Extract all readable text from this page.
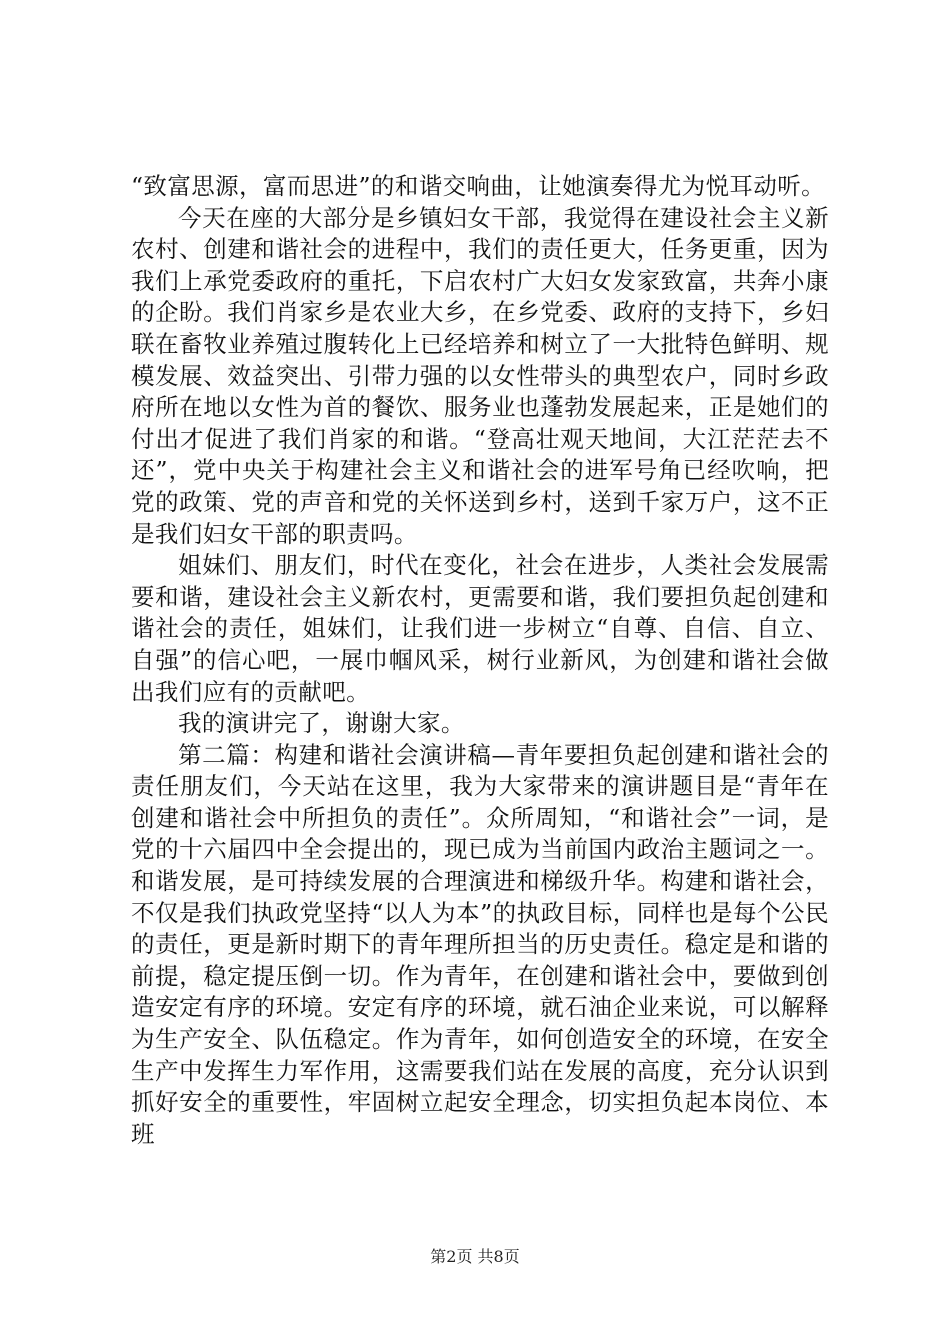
“致富思源，富而思进”的和谐交响曲，让她演奏得尤为悦耳动听。

今天在座的大部分是乡镇妇女干部，我觉得在建设社会主义新农村、创建和谐社会的进程中，我们的责任更大，任务更重，因为我们上承党委政府的重托，下启农村广大妇女发家致富，共奔小康的企盼。我们肖家乡是农业大乡，在乡党委、政府的支持下，乡妇联在畜牧业养殖过腹转化上已经培养和树立了一大批特色鲜明、规模发展、效益突出、引带力强的以女性带头的典型农户，同时乡政府所在地以女性为首的餐饮、服务业也蓬勃发展起来，正是她们的付出才促进了我们肖家的和谐。“登高壮观天地间，大江茫茫去不还”，党中央关于构建社会主义和谐社会的进军号角已经吹响，把党的政策、党的声音和党的关怀送到乡村，送到千家万户，这不正是我们妇女干部的职责吗。

姐妹们、朋友们，时代在变化，社会在进步，人类社会发展需要和谐，建设社会主义新农村，更需要和谐，我们要担负起创建和谐社会的责任，姐妹们，让我们进一步树立“自尊、自信、自立、自强”的信心吧，一展巾帼风采，树行业新风，为创建和谐社会做出我们应有的贡献吧。

我的演讲完了，谢谢大家。

第二篇：构建和谐社会演讲稿—青年要担负起创建和谐社会的责任朋友们，今天站在这里，我为大家带来的演讲题目是“青年在创建和谐社会中所担负的责任”。众所周知，“和谐社会”一词，是党的十六届四中全会提出的，现已成为当前国内政治主题词之一。和谐发展，是可持续发展的合理演进和梯级升华。构建和谐社会，不仅是我们执政党坚持“以人为本”的执政目标，同样也是每个公民的责任，更是新时期下的青年理所担当的历史责任。稳定是和谐的前提，稳定提压倒一切。作为青年，在创建和谐社会中，要做到创造安定有序的环境。安定有序的环境，就石油企业来说，可以解释为生产安全、队伍稳定。作为青年，如何创造安全的环境，在安全生产中发挥生力军作用，这需要我们站在发展的高度，充分认识到抓好安全的重要性，牢固树立起安全理念，切实担负起本岗位、本班

第2页 共8页
